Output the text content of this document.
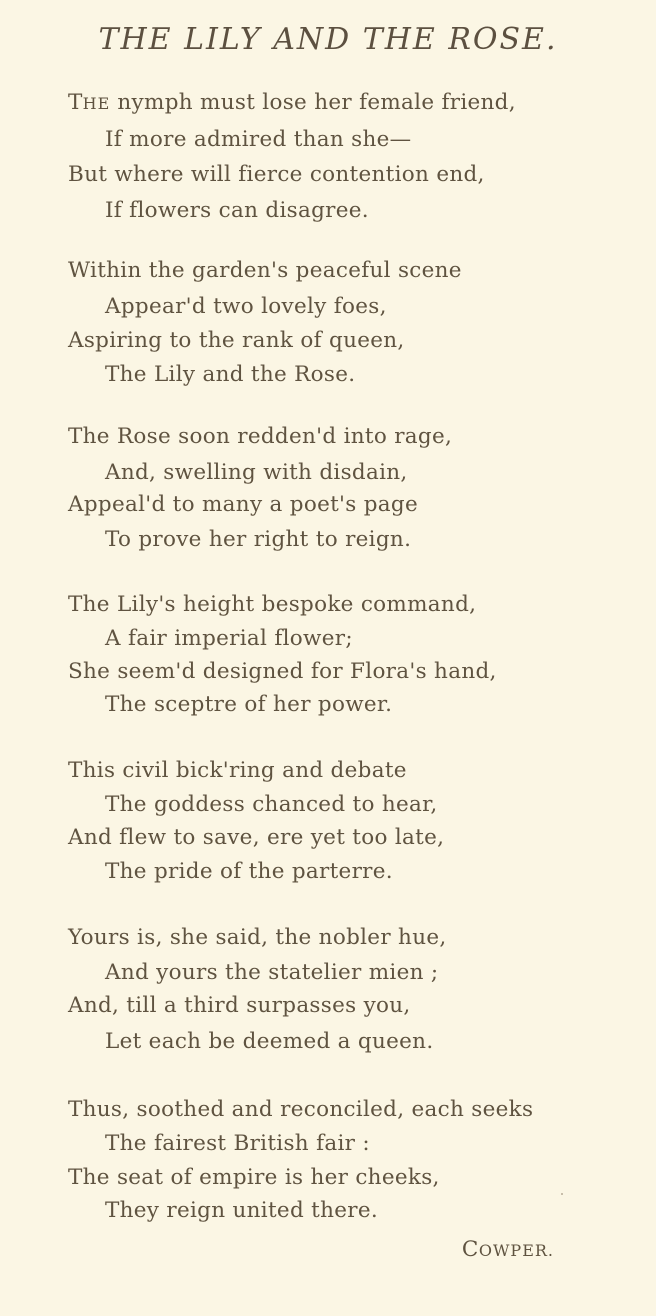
THE LILY AND THE ROSE.
THE nymph must lose her female friend,
If more admired than she—
But where will fierce contention end,
If flowers can disagree.
Within the garden's peaceful scene
Appear'd two lovely foes,
Aspiring to the rank of queen,
The Lily and the Rose.
The Rose soon redden'd into rage,
And, swelling with disdain,
Appeal'd to many a poet's page
To prove her right to reign.
The Lily's height bespoke command,
A fair imperial flower;
She seem'd designed for Flora's hand,
The sceptre of her power.
This civil bick'ring and debate
The goddess chanced to hear,
And flew to save, ere yet too late,
The pride of the parterre.
Yours is, she said, the nobler hue,
And yours the statelier mien ;
And, till a third surpasses you,
Let each be deemed a queen.
Thus, soothed and reconciled, each seeks
The fairest British fair :
The seat of empire is her cheeks,
They reign united there.
COWPER.
